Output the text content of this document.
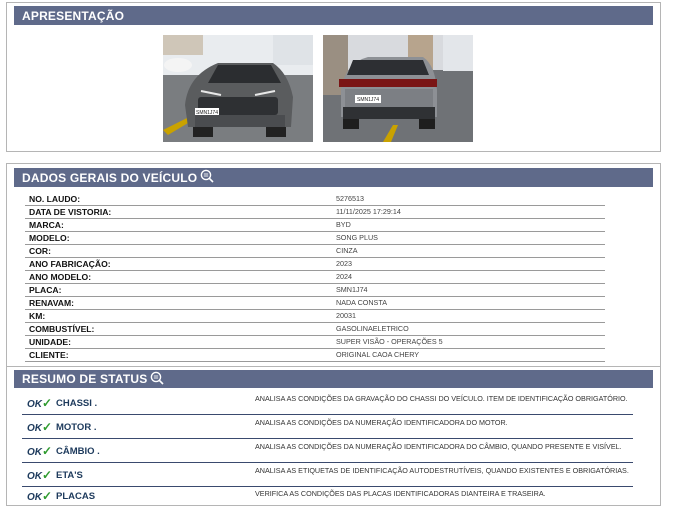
APRESENTAÇÃO
SMN1J74
SMN1J74
DADOS GERAIS DO VEÍCULO
NO. LAUDO:	5276513
DATA DE VISTORIA:	11/11/2025 17:29:14
MARCA:	BYD
MODELO:	SONG PLUS
COR:	CINZA
ANO FABRICAÇÃO:	2023
ANO MODELO:	2024
PLACA:	SMN1J74
RENAVAM:	NADA CONSTA
KM:	20031
COMBUSTÍVEL:	GASOLINAELETRICO
UNIDADE:	SUPER VISÃO - OPERAÇÕES 5
CLIENTE:	ORIGINAL CAOA CHERY
RESUMO DE STATUS
OK✓ CHASSI .	ANALISA AS CONDIÇÕES DA GRAVAÇÃO DO CHASSI DO VEÍCULO. ITEM DE IDENTIFICAÇÃO OBRIGATÓRIO.
OK✓ MOTOR .	ANALISA AS CONDIÇÕES DA NUMERAÇÃO IDENTIFICADORA DO MOTOR.
OK✓ CÂMBIO .	ANALISA AS CONDIÇÕES DA NUMERAÇÃO IDENTIFICADORA DO CÂMBIO, QUANDO PRESENTE E VISÍVEL.
OK✓ ETA'S	ANALISA AS ETIQUETAS DE IDENTIFICAÇÃO AUTODESTRUTÍVEIS, QUANDO EXISTENTES E OBRIGATÓRIAS.
OK✓ PLACAS	VERIFICA AS CONDIÇÕES DAS PLACAS IDENTIFICADORAS DIANTEIRA E TRASEIRA.
